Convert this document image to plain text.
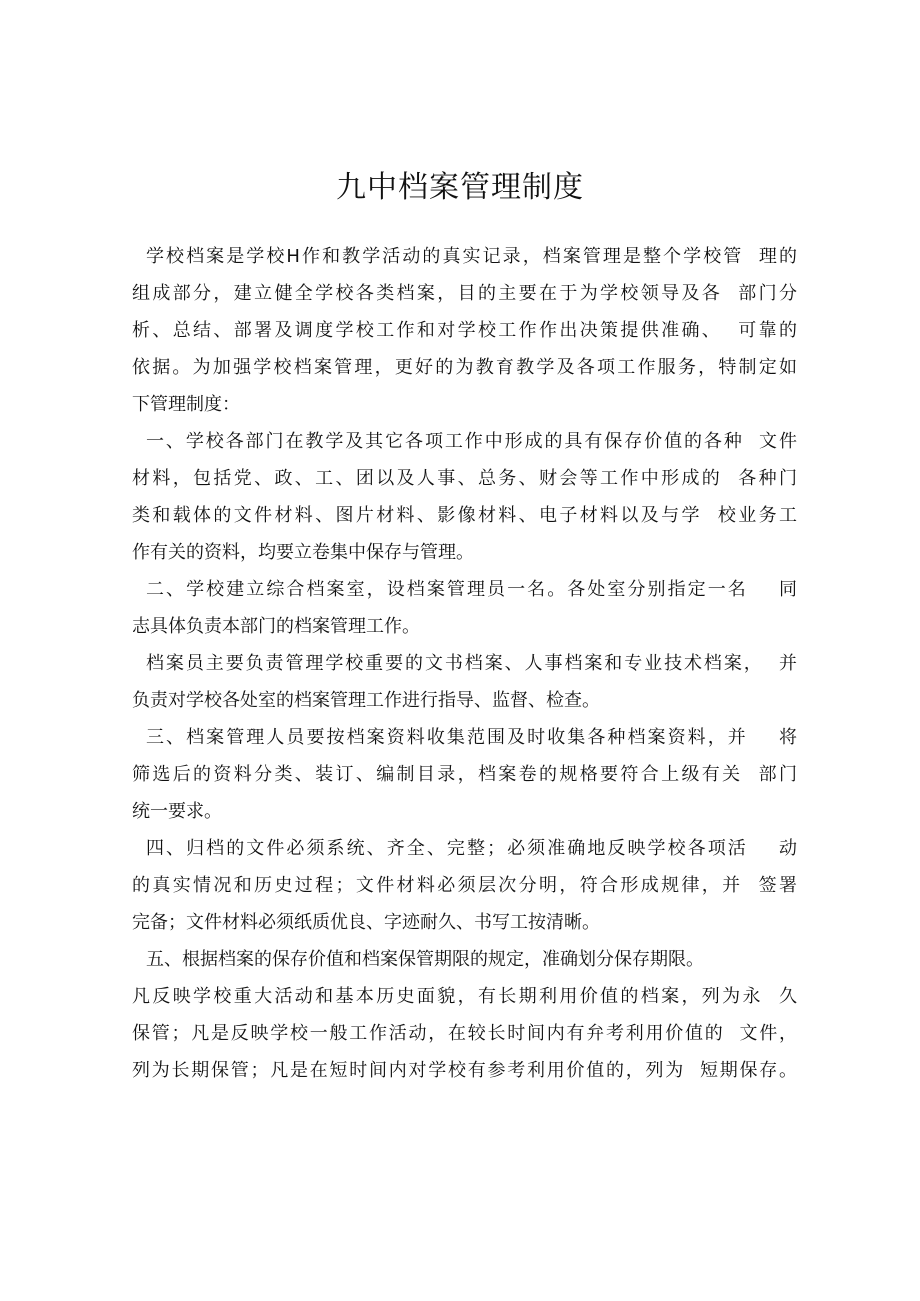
九中档案管理制度

学校档案是学校H作和教学活动的真实记录，档案管理是整个学校管  理的

组成部分，建立健全学校各类档案，目的主要在于为学校领导及各  部门分

析、总结、部署及调度学校工作和对学校工作作出决策提供准确、  可靠的

依据。为加强学校档案管理，更好的为教育教学及各项工作服务，特制定如

下管理制度：

一、学校各部门在教学及其它各项工作中形成的具有保存价值的各种  文件

材料，包括党、政、工、团以及人事、总务、财会等工作中形成的  各种门

类和载体的文件材料、图片材料、影像材料、电子材料以及与学  校业务工

作有关的资料，均要立卷集中保存与管理。

二、学校建立综合档案室，设档案管理员一名。各处室分别指定一名    同

志具体负责本部门的档案管理工作。

档案员主要负责管理学校重要的文书档案、人事档案和专业技术档案，  并

负责对学校各处室的档案管理工作进行指导、监督、检查。

三、档案管理人员要按档案资料收集范围及时收集各种档案资料，并    将

筛选后的资料分类、装订、编制目录，档案卷的规格要符合上级有关  部门

统一要求。

四、归档的文件必须系统、齐全、完整；必须准确地反映学校各项活    动

的真实情况和历史过程；文件材料必须层次分明，符合形成规律，并  签署

完备；文件材料必须纸质优良、字迹耐久、书写工按清晰。

五、根据档案的保存价值和档案保管期限的规定，准确划分保存期限。

凡反映学校重大活动和基本历史面貌，有长期利用价值的档案，列为永  久

保管；凡是反映学校一般工作活动，在较长时间内有弁考利用价值的  文件，

列为长期保管；凡是在短时间内对学校有参考利用价值的，列为  短期保存。
